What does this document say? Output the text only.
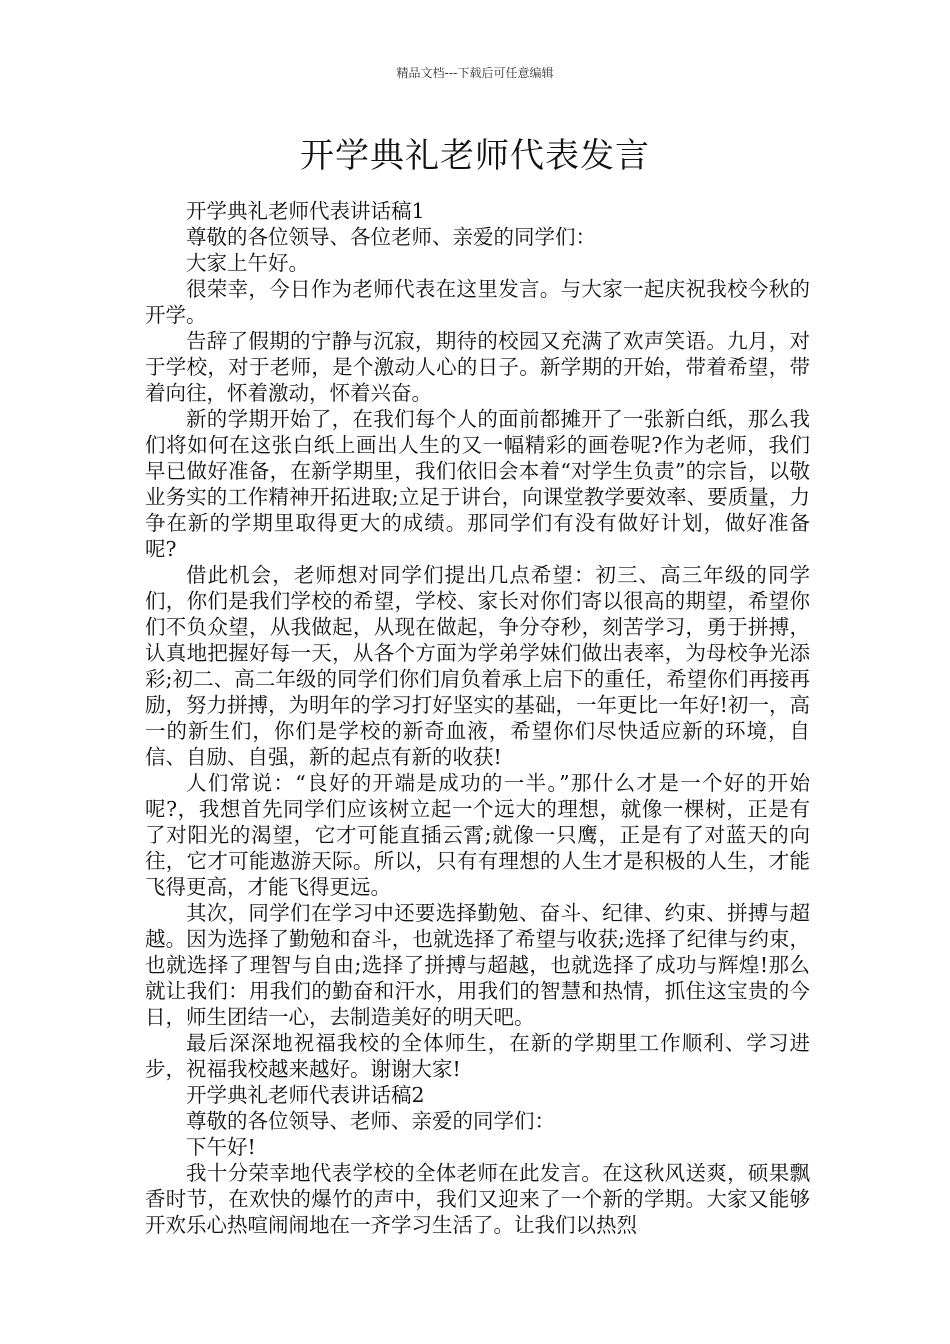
精品文档---下载后可任意编辑
开学典礼老师代表发言

开学典礼老师代表讲话稿1

尊敬的各位领导、各位老师、亲爱的同学们：

大家上午好。

很荣幸，今日作为老师代表在这里发言。与大家一起庆祝我校今秋的开学。

告辞了假期的宁静与沉寂，期待的校园又充满了欢声笑语。九月，对于学校，对于老师，是个激动人心的日子。新学期的开始，带着希望，带着向往，怀着激动，怀着兴奋。

新的学期开始了，在我们每个人的面前都摊开了一张新白纸，那么我们将如何在这张白纸上画出人生的又一幅精彩的画卷呢?作为老师，我们早已做好准备，在新学期里，我们依旧会本着“对学生负责”的宗旨，以敬业务实的工作精神开拓进取;立足于讲台，向课堂教学要效率、要质量，力争在新的学期里取得更大的成绩。那同学们有没有做好计划，做好准备呢?

借此机会，老师想对同学们提出几点希望：初三、高三年级的同学们，你们是我们学校的希望，学校、家长对你们寄以很高的期望，希望你们不负众望，从我做起，从现在做起，争分夺秒，刻苦学习，勇于拼搏，认真地把握好每一天，从各个方面为学弟学妹们做出表率，为母校争光添彩;初二、高二年级的同学们你们肩负着承上启下的重任，希望你们再接再励，努力拼搏，为明年的学习打好坚实的基础，一年更比一年好!初一，高一的新生们，你们是学校的新奇血液，希望你们尽快适应新的环境，自信、自励、自强，新的起点有新的收获!

人们常说：“良好的开端是成功的一半。”那什么才是一个好的开始呢?，我想首先同学们应该树立起一个远大的理想，就像一棵树，正是有了对阳光的渴望，它才可能直插云霄;就像一只鹰，正是有了对蓝天的向往，它才可能遨游天际。所以，只有有理想的人生才是积极的人生，才能飞得更高，才能飞得更远。

其次，同学们在学习中还要选择勤勉、奋斗、纪律、约束、拼搏与超越。因为选择了勤勉和奋斗，也就选择了希望与收获;选择了纪律与约束，也就选择了理智与自由;选择了拼搏与超越，也就选择了成功与辉煌!那么就让我们：用我们的勤奋和汗水，用我们的智慧和热情，抓住这宝贵的今日，师生团结一心，去制造美好的明天吧。

最后深深地祝福我校的全体师生，在新的学期里工作顺利、学习进步，祝福我校越来越好。谢谢大家!

开学典礼老师代表讲话稿2

尊敬的各位领导、老师、亲爱的同学们：

下午好!

我十分荣幸地代表学校的全体老师在此发言。在这秋风送爽，硕果飘香时节，在欢快的爆竹的声中，我们又迎来了一个新的学期。大家又能够开欢乐心热喧闹闹地在一齐学习生活了。让我们以热烈
